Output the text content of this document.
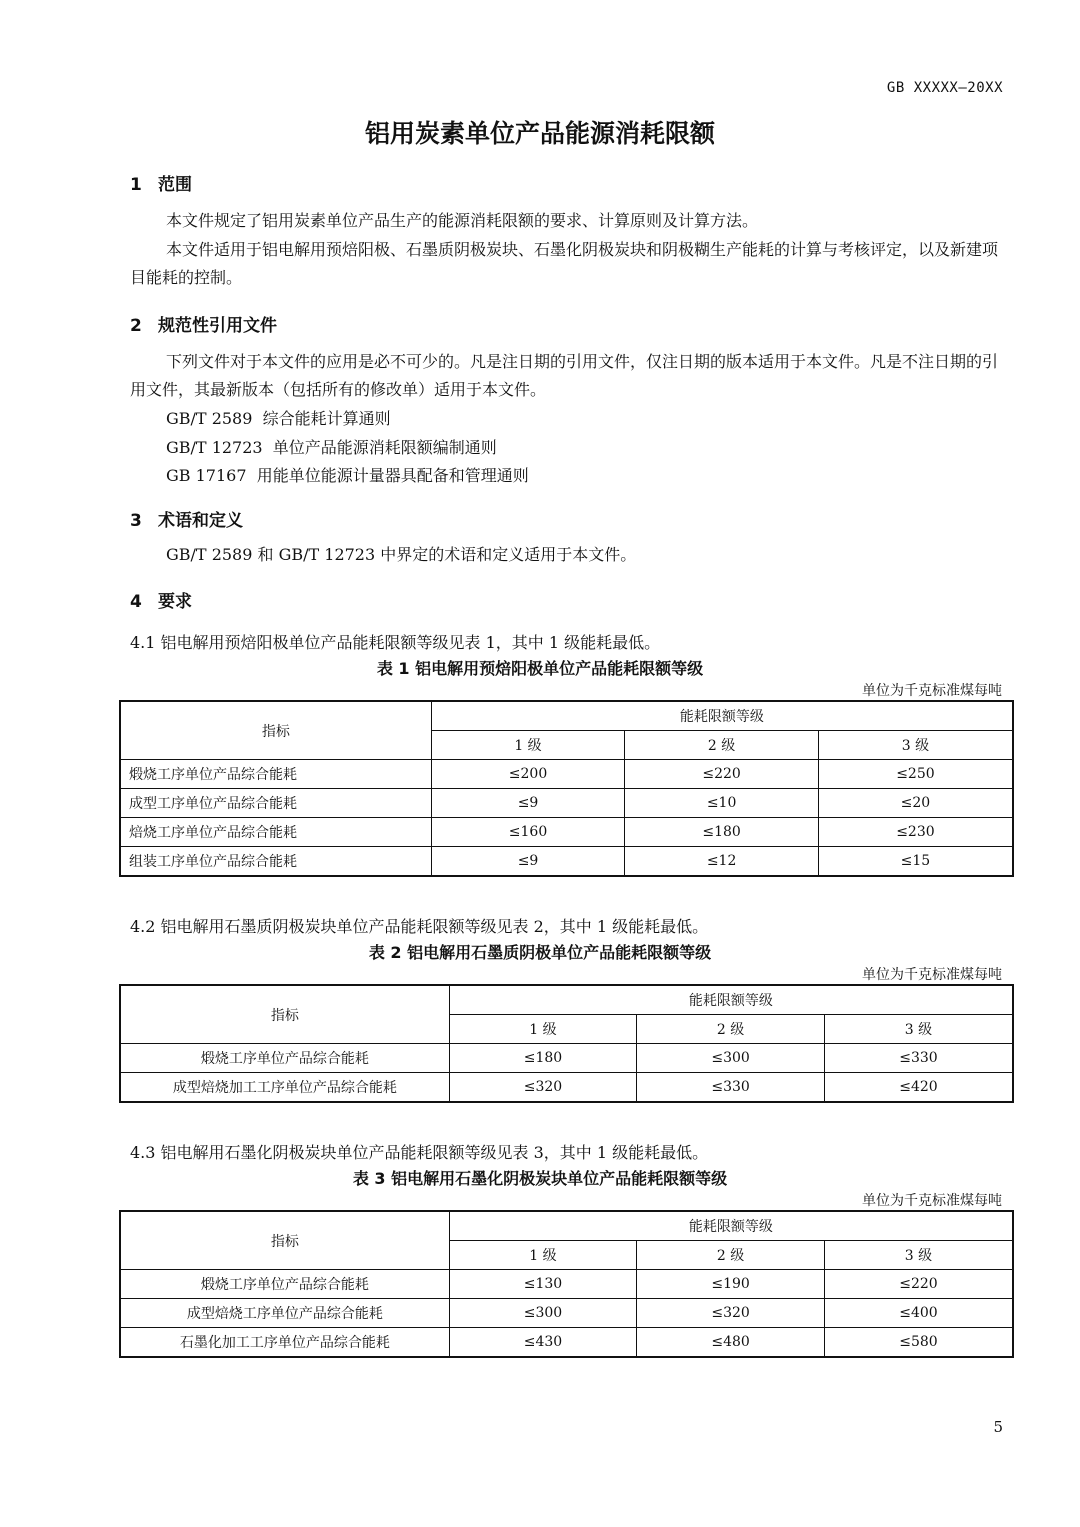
GB XXXXX—20XX
铝用炭素单位产品能源消耗限额
1 范围
本文件规定了铝用炭素单位产品生产的能源消耗限额的要求、计算原则及计算方法。
本文件适用于铝电解用预焙阳极、石墨质阴极炭块、石墨化阴极炭块和阴极糊生产能耗的计算与考核评定，以及新建项目能耗的控制。
2 规范性引用文件
下列文件对于本文件的应用是必不可少的。凡是注日期的引用文件，仅注日期的版本适用于本文件。凡是不注日期的引用文件，其最新版本（包括所有的修改单）适用于本文件。
GB/T 2589  综合能耗计算通则
GB/T 12723  单位产品能源消耗限额编制通则
GB 17167  用能单位能源计量器具配备和管理通则
3 术语和定义
GB/T 2589 和 GB/T 12723 中界定的术语和定义适用于本文件。
4 要求
4.1 铝电解用预焙阳极单位产品能耗限额等级见表 1，其中 1 级能耗最低。
表 1 铝电解用预焙阳极单位产品能耗限额等级
单位为千克标准煤每吨
指标	能耗限额等级		
	1 级	2 级	3 级
煅烧工序单位产品综合能耗	≤200	≤220	≤250
成型工序单位产品综合能耗	≤9	≤10	≤20
焙烧工序单位产品综合能耗	≤160	≤180	≤230
组装工序单位产品综合能耗	≤9	≤12	≤15
4.2 铝电解用石墨质阴极炭块单位产品能耗限额等级见表 2，其中 1 级能耗最低。
表 2 铝电解用石墨质阴极单位产品能耗限额等级
单位为千克标准煤每吨
指标	能耗限额等级		
	1 级	2 级	3 级
煅烧工序单位产品综合能耗	≤180	≤300	≤330
成型焙烧加工工序单位产品综合能耗	≤320	≤330	≤420
4.3 铝电解用石墨化阴极炭块单位产品能耗限额等级见表 3，其中 1 级能耗最低。
表 3 铝电解用石墨化阴极炭块单位产品能耗限额等级
单位为千克标准煤每吨
指标	能耗限额等级		
	1 级	2 级	3 级
煅烧工序单位产品综合能耗	≤130	≤190	≤220
成型焙烧工序单位产品综合能耗	≤300	≤320	≤400
石墨化加工工序单位产品综合能耗	≤430	≤480	≤580
5
